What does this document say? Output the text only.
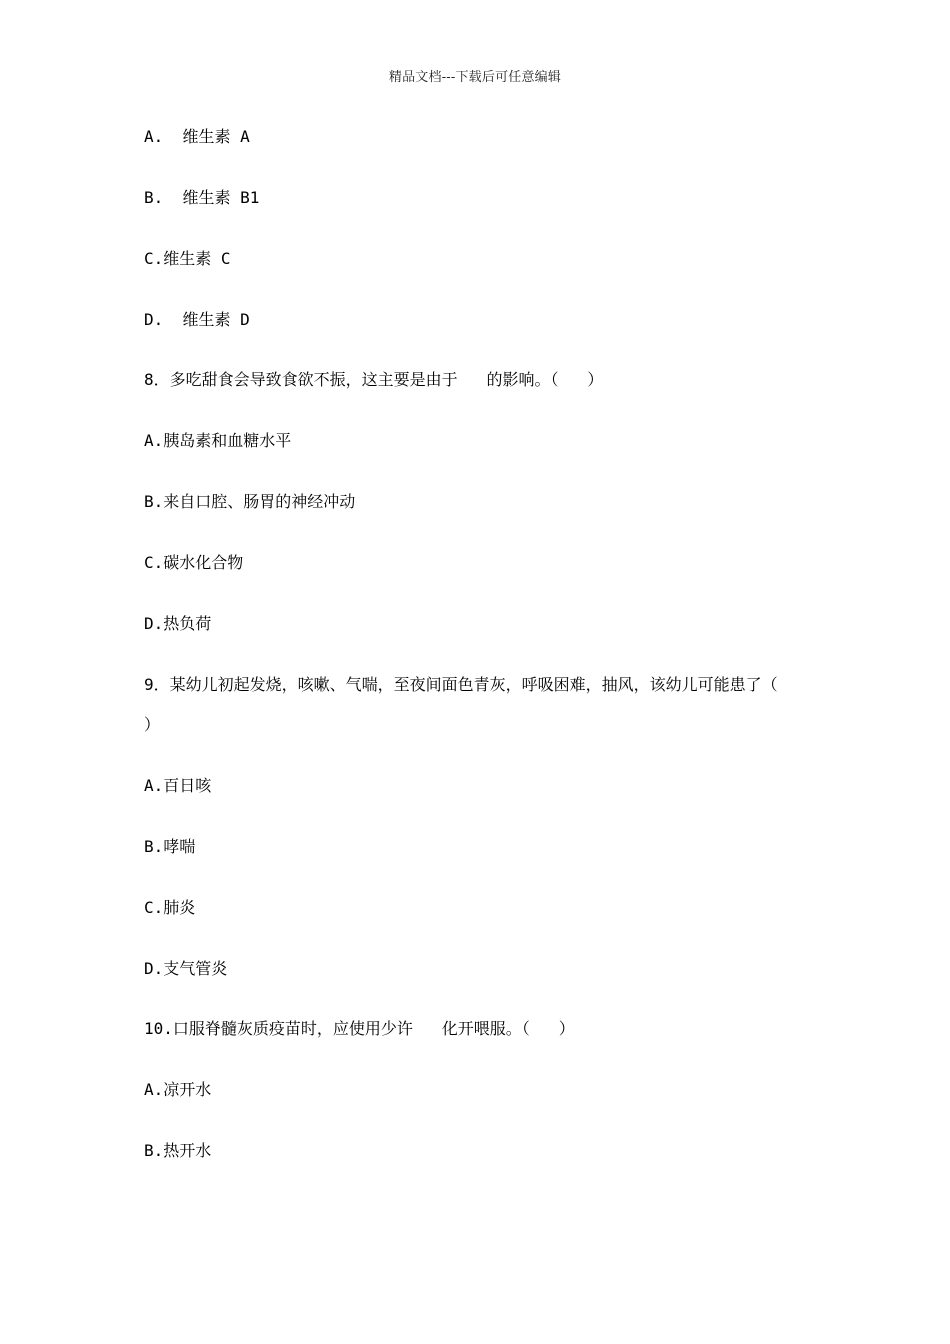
精品文档---下载后可任意编辑
A.  维生素 A
B.  维生素 B1
C.维生素 C
D.  维生素 D
8．多吃甜食会导致食欲不振，这主要是由于   的影响。（   ）
A.胰岛素和血糖水平
B.来自口腔、肠胃的神经冲动
C.碳水化合物
D.热负荷
9．某幼儿初起发烧，咳嗽、气喘，至夜间面色青灰，呼吸困难，抽风，该幼儿可能患了（
）
A.百日咳
B.哮喘
C.肺炎
D.支气管炎
10.口服脊髓灰质疫苗时，应使用少许   化开喂服。（   ）
A.凉开水
B.热开水
